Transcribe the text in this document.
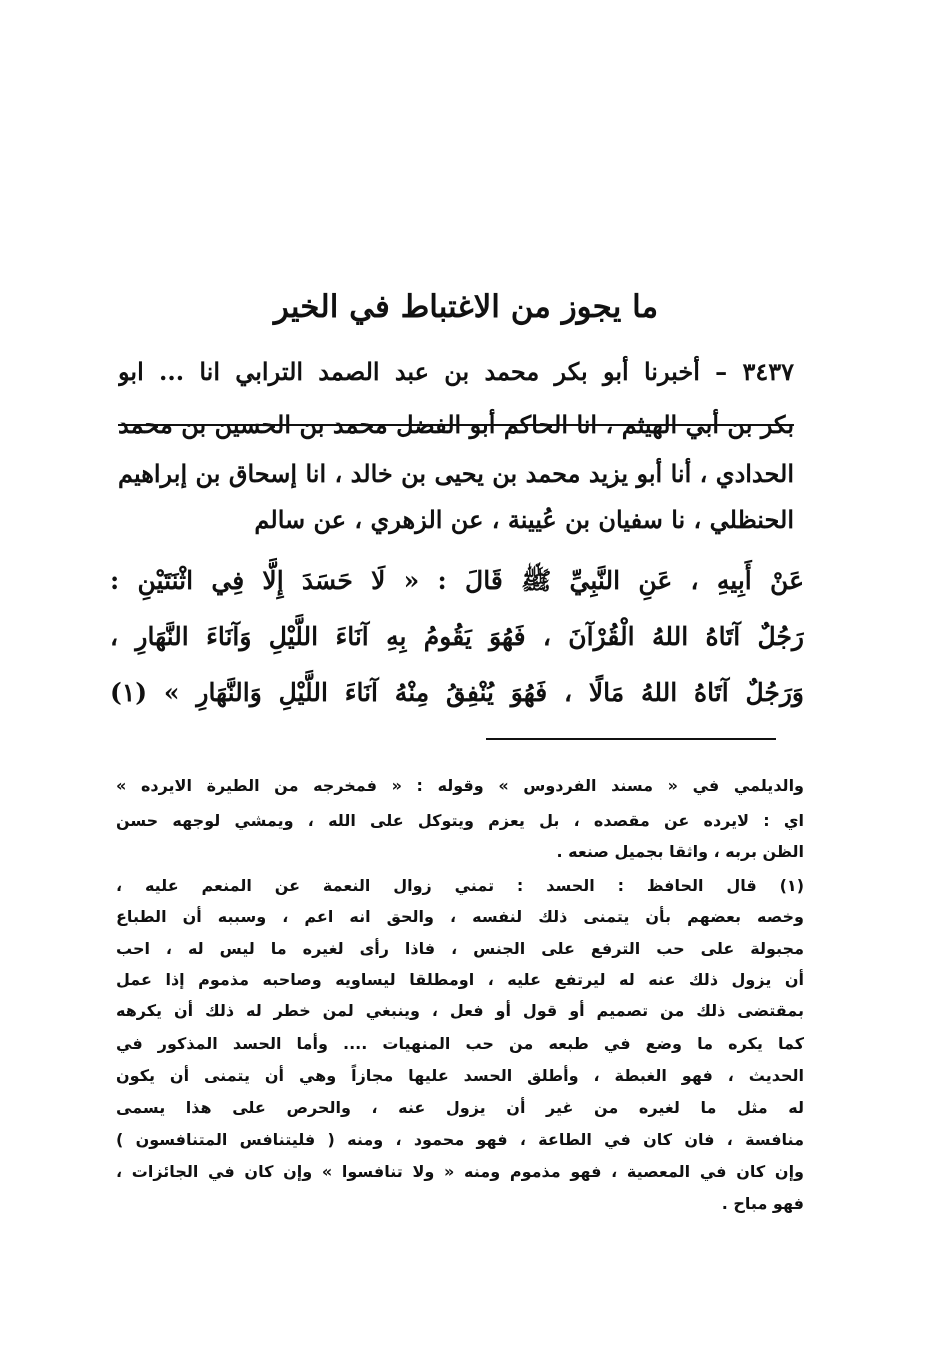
ما يجوز من الاغتباط في الخير
٣٤٣٧ – أخبرنا أبو بكر محمد بن عبد الصمد الترابي انا ... ابو
بكر بن أبي الهيثم ، انا الحاكم أبو الفضل محمد بن الحسين بن محمد
الحدادي ، أنا أبو يزيد محمد بن يحيى بن خالد ، انا إسحاق بن إبراهيم
الحنظلي ، نا سفيان بن عُيينة ، عن الزهري ، عن سالم
عَنْ أَبِيهِ ، عَنِ النَّبِيِّ ﷺ قَالَ : « لَا حَسَدَ إِلَّا فِي اثْنَتَيْنِ :
رَجُلٌ آتَاهُ اللهُ الْقُرْآنَ ، فَهُوَ يَقُومُ بِهِ آنَاءَ اللَّيْلِ وَآنَاءَ النَّهَارِ ،
وَرَجُلٌ آتَاهُ اللهُ مَالًا ، فَهُوَ يُنْفِقُ مِنْهُ آنَاءَ اللَّيْلِ وَالنَّهَارِ » (١)
والديلمي في « مسند الفردوس » وقوله : « فمخرجه من الطيرة الايرده »
اي : لايرده عن مقصده ، بل يعزم ويتوكل على الله ، ويمشي لوجهه حسن
الظن بربه ، واثقا بجميل صنعه .
(١) قال الحافظ : الحسد : تمني زوال النعمة عن المنعم عليه ،
وخصه بعضهم بأن يتمنى ذلك لنفسه ، والحق انه اعم ، وسببه أن الطباع
مجبولة على حب الترفع على الجنس ، فاذا رأى لغيره ما ليس له ، احب
أن يزول ذلك عنه له ليرتفع عليه ، اومطلقا ليساويه وصاحبه مذموم إذا عمل
بمقتضى ذلك من تصميم أو قول أو فعل ، وينبغي لمن خطر له ذلك أن يكرهه
كما يكره ما وضع في طبعه من حب المنهيات .... وأما الحسد المذكور في
الحديث ، فهو الغبطة ، وأطلق الحسد عليها مجازاً وهي أن يتمنى أن يكون
له مثل ما لغيره من غير أن يزول عنه ، والحرص على هذا يسمى
منافسة ، فان كان في الطاعة ، فهو محمود ، ومنه ( فليتنافس المتنافسون )
وإن كان في المعصية ، فهو مذموم ومنه « ولا تنافسوا » وإن كان في الجائزات ،
فهو مباح .
